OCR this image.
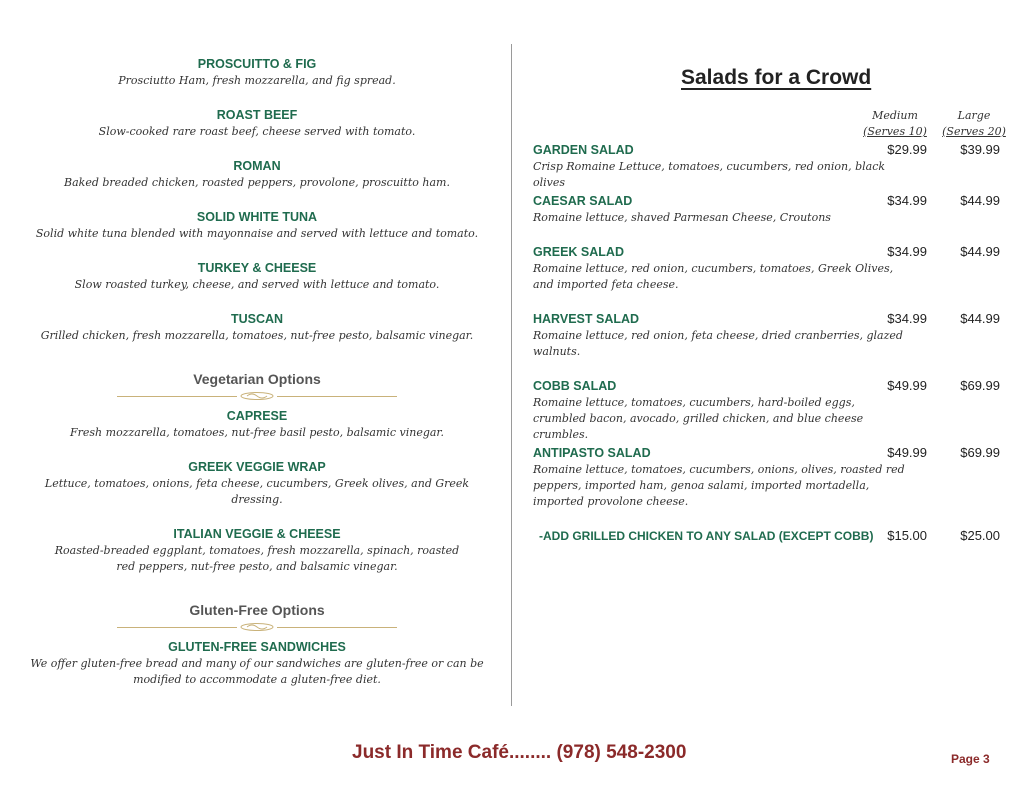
PROSCUITTO & FIG
Prosciutto Ham, fresh mozzarella, and fig spread.
ROAST BEEF
Slow-cooked rare roast beef, cheese served with tomato.
ROMAN
Baked breaded chicken, roasted peppers, provolone, proscuitto ham.
SOLID WHITE TUNA
Solid white tuna blended with mayonnaise and served with lettuce and tomato.
TURKEY & CHEESE
Slow roasted turkey, cheese, and served with lettuce and tomato.
TUSCAN
Grilled chicken, fresh mozzarella, tomatoes, nut-free pesto, balsamic vinegar.
Vegetarian Options
CAPRESE
Fresh mozzarella, tomatoes, nut-free basil pesto, balsamic vinegar.
GREEK VEGGIE WRAP
Lettuce, tomatoes, onions, feta cheese, cucumbers, Greek olives, and Greek dressing.
ITALIAN VEGGIE & CHEESE
Roasted-breaded eggplant, tomatoes, fresh mozzarella, spinach, roasted red peppers, nut-free pesto, and balsamic vinegar.
Gluten-Free Options
GLUTEN-FREE SANDWICHES
We offer gluten-free bread and many of our sandwiches are gluten-free or can be modified to accommodate a gluten-free diet.
Salads for a Crowd
Medium
(Serves 10)
Large
(Serves 20)
GARDEN SALAD	$29.99	$39.99
Crisp Romaine Lettuce, tomatoes, cucumbers, red onion, black olives
CAESAR SALAD	$34.99	$44.99
Romaine lettuce, shaved Parmesan Cheese, Croutons
GREEK SALAD	$34.99	$44.99
Romaine lettuce, red onion, cucumbers, tomatoes, Greek Olives, and imported feta cheese.
HARVEST SALAD	$34.99	$44.99
Romaine lettuce, red onion, feta cheese, dried cranberries, glazed walnuts.
COBB SALAD	$49.99	$69.99
Romaine lettuce, tomatoes, cucumbers, hard-boiled eggs, crumbled bacon, avocado, grilled chicken, and blue cheese crumbles.
ANTIPASTO SALAD	$49.99	$69.99
Romaine lettuce, tomatoes, cucumbers, onions, olives, roasted red peppers, imported ham, genoa salami, imported mortadella, imported provolone cheese.
-ADD GRILLED CHICKEN TO ANY SALAD (EXCEPT COBB)	$15.00	$25.00
Just In Time Café........ (978) 548-2300	Page 3
